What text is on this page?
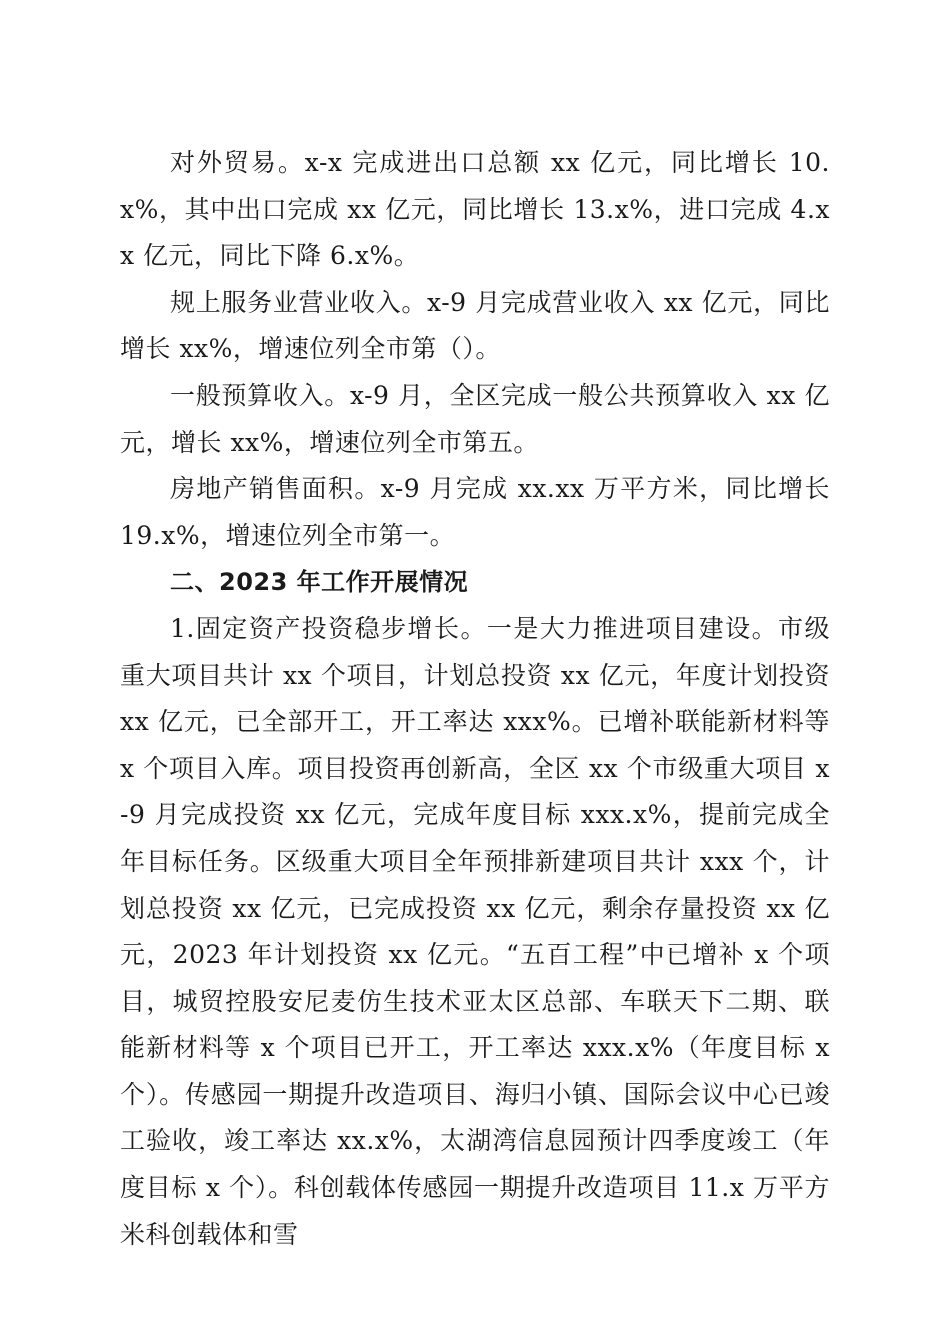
对外贸易。x-x 完成进出口总额 xx 亿元，同比增长 10.x%，其中出口完成 xx 亿元，同比增长 13.x%，进口完成 4.xx 亿元，同比下降 6.x%。

规上服务业营业收入。x-9 月完成营业收入 xx 亿元，同比增长 xx%，增速位列全市第（）。

一般预算收入。x-9 月，全区完成一般公共预算收入 xx 亿元，增长 xx%，增速位列全市第五。

房地产销售面积。x-9 月完成 xx.xx 万平方米，同比增长 19.x%，增速位列全市第一。

二、2023 年工作开展情况

1.固定资产投资稳步增长。一是大力推进项目建设。市级重大项目共计 xx 个项目，计划总投资 xx 亿元，年度计划投资 xx 亿元，已全部开工，开工率达 xxx%。已增补联能新材料等 x 个项目入库。项目投资再创新高，全区 xx 个市级重大项目 x-9 月完成投资 xx 亿元，完成年度目标 xxx.x%，提前完成全年目标任务。区级重大项目全年预排新建项目共计 xxx 个，计划总投资 xx 亿元，已完成投资 xx 亿元，剩余存量投资 xx 亿元，2023 年计划投资 xx 亿元。“五百工程”中已增补 x 个项目，城贸控股安尼麦仿生技术亚太区总部、车联天下二期、联能新材料等 x 个项目已开工，开工率达 xxx.x%（年度目标 x 个）。传感园一期提升改造项目、海归小镇、国际会议中心已竣工验收，竣工率达 xx.x%，太湖湾信息园预计四季度竣工（年度目标 x 个）。科创载体传感园一期提升改造项目 11.x 万平方米科创载体和雪
